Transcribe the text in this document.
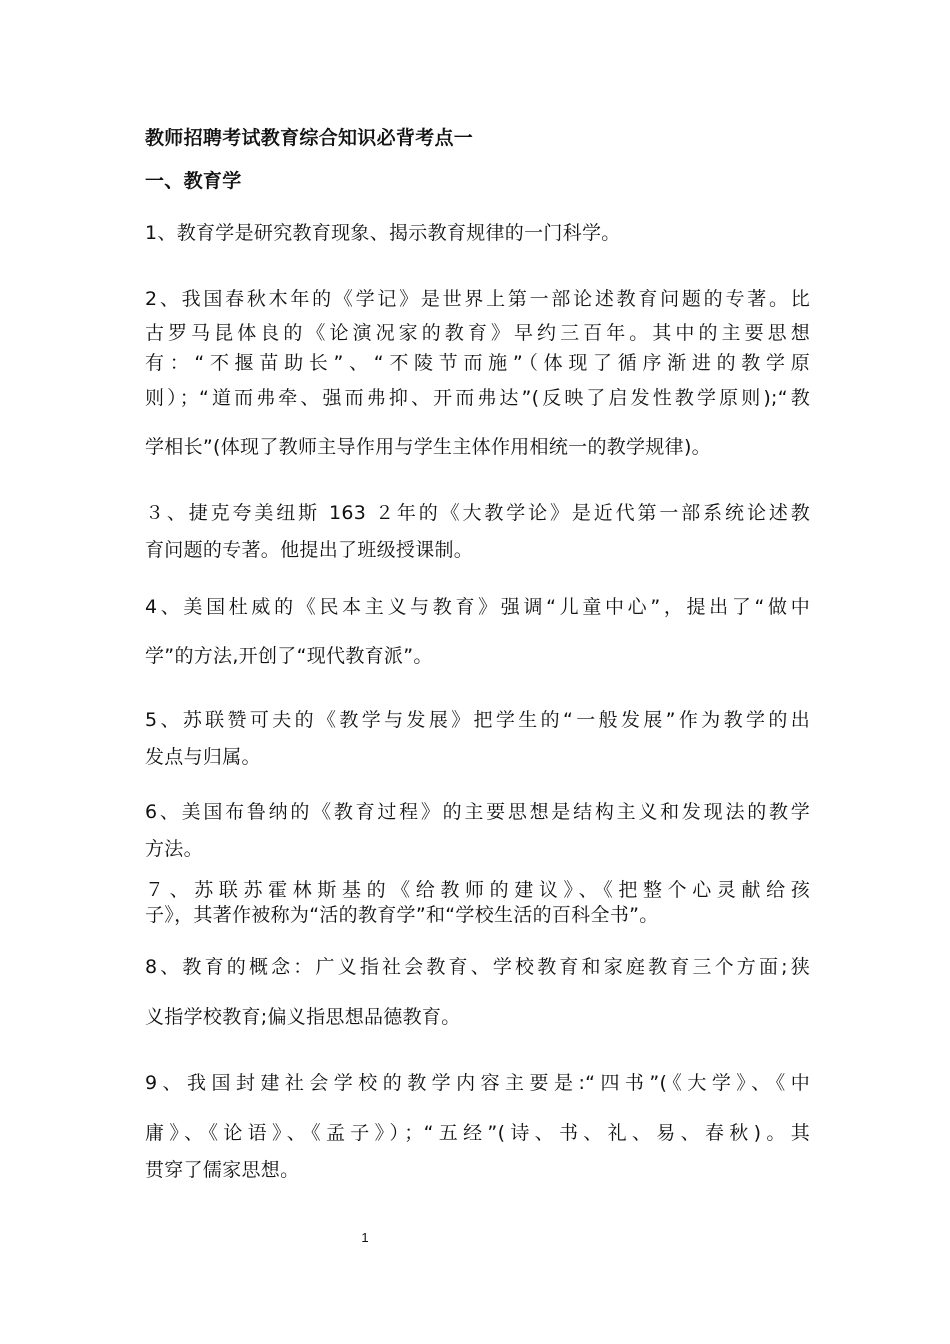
教师招聘考试教育综合知识必背考点一
一、教育学
1、教育学是研究教育现象、揭示教育规律的一门科学。
2、我国春秋木年的《学记》是世界上第一部论述教育问题的专著。比
古罗马昆体良的《论演况家的教育》早约三百年。其中的主要思想
有：“不揠苗助长”、“不陵节而施”（体现了循序渐进的教学原
则）；“道而弗牵、强而弗抑、开而弗达”(反映了启发性教学原则);“教
学相长”(体现了教师主导作用与学生主体作用相统一的教学规律)。
３、捷克夸美纽斯 163 ２年的《大教学论》是近代第一部系统论述教
育问题的专著。他提出了班级授课制。
4、美国杜威的《民本主义与教育》强调“儿童中心”，提出了“做中
学”的方法,开创了“现代教育派”。
5、苏联赞可夫的《教学与发展》把学生的“一般发展”作为教学的出
发点与归属。
6、美国布鲁纳的《教育过程》的主要思想是结构主义和发现法的教学
方法。
７、苏联苏霍林斯基的《给教师的建议》、《把整个心灵献给孩
子》，其著作被称为“活的教育学”和“学校生活的百科全书”。
8、教育的概念：广义指社会教育、学校教育和家庭教育三个方面;狭
义指学校教育;偏义指思想品德教育。
9、我国封建社会学校的教学内容主要是:“四书”(《大学》、《中
庸》、《论语》、《孟子》）；“五经”(诗、书、礼、易、春秋)。其
贯穿了儒家思想。
1
